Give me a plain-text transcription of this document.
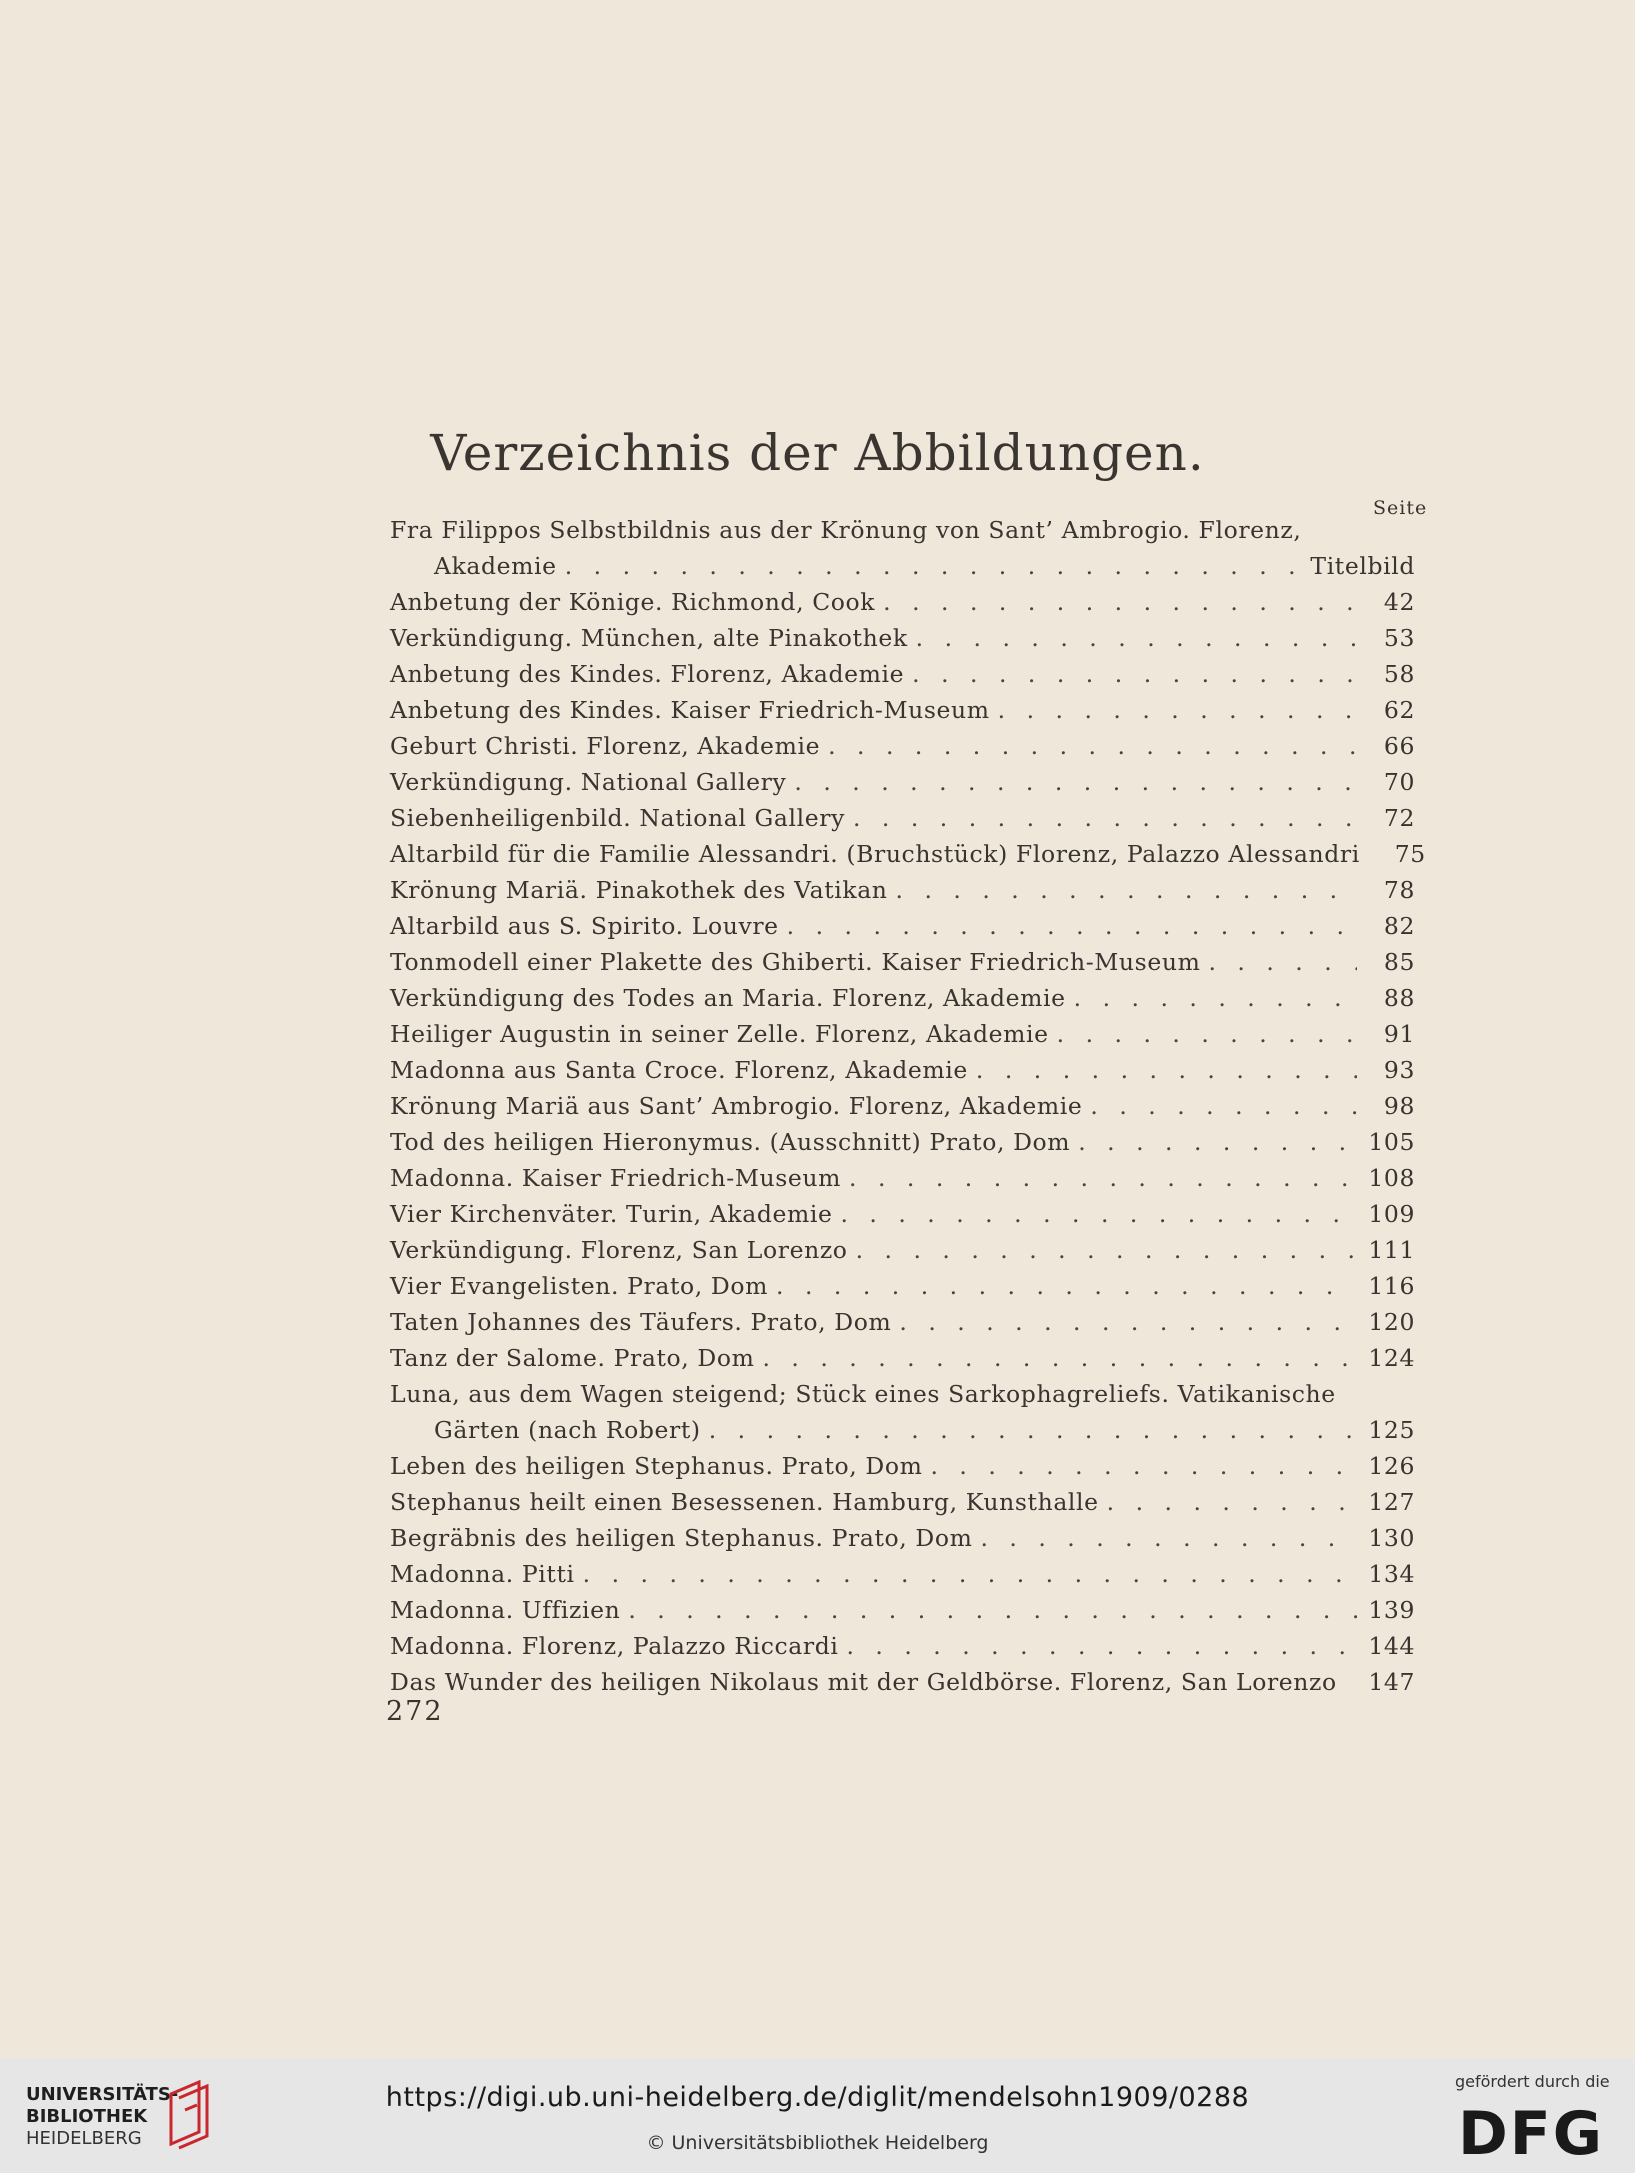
Verzeichnis der Abbildungen.
Seite
Fra Filippos Selbstbildnis aus der Krönung von Sant’ Ambrogio. Florenz,
Akademie . . .	Titelbild
Anbetung der Könige. Richmond, Cook . . .	42
Verkündigung. München, alte Pinakothek . . .	53
Anbetung des Kindes. Florenz, Akademie . . .	58
Anbetung des Kindes. Kaiser Friedrich-Museum . . .	62
Geburt Christi. Florenz, Akademie . . .	66
Verkündigung. National Gallery . . .	70
Siebenheiligenbild. National Gallery . . .	72
Altarbild für die Familie Alessandri. (Bruchstück) Florenz, Palazzo Alessandri	75
Krönung Mariä. Pinakothek des Vatikan . . .	78
Altarbild aus S. Spirito. Louvre . . .	82
Tonmodell einer Plakette des Ghiberti. Kaiser Friedrich-Museum . . .	85
Verkündigung des Todes an Maria. Florenz, Akademie . . .	88
Heiliger Augustin in seiner Zelle. Florenz, Akademie . . .	91
Madonna aus Santa Croce. Florenz, Akademie . . .	93
Krönung Mariä aus Sant’ Ambrogio. Florenz, Akademie . . .	98
Tod des heiligen Hieronymus. (Ausschnitt) Prato, Dom . . .	105
Madonna. Kaiser Friedrich-Museum . . .	108
Vier Kirchenväter. Turin, Akademie . . .	109
Verkündigung. Florenz, San Lorenzo . . .	111
Vier Evangelisten. Prato, Dom . . .	116
Taten Johannes des Täufers. Prato, Dom . . .	120
Tanz der Salome. Prato, Dom . . .	124
Luna, aus dem Wagen steigend; Stück eines Sarkophagreliefs. Vatikanische
Gärten (nach Robert) . . .	125
Leben des heiligen Stephanus. Prato, Dom . . .	126
Stephanus heilt einen Besessenen. Hamburg, Kunsthalle . . .	127
Begräbnis des heiligen Stephanus. Prato, Dom . . .	130
Madonna. Pitti . . .	134
Madonna. Uffizien . . .	139
Madonna. Florenz, Palazzo Riccardi . . .	144
Das Wunder des heiligen Nikolaus mit der Geldbörse. Florenz, San Lorenzo 147
272
UNIVERSITÄTS-
BIBLIOTHEK
HEIDELBERG
https://digi.ub.uni-heidelberg.de/diglit/mendelsohn1909/0288
© Universitätsbibliothek Heidelberg
gefördert durch die
DFG
